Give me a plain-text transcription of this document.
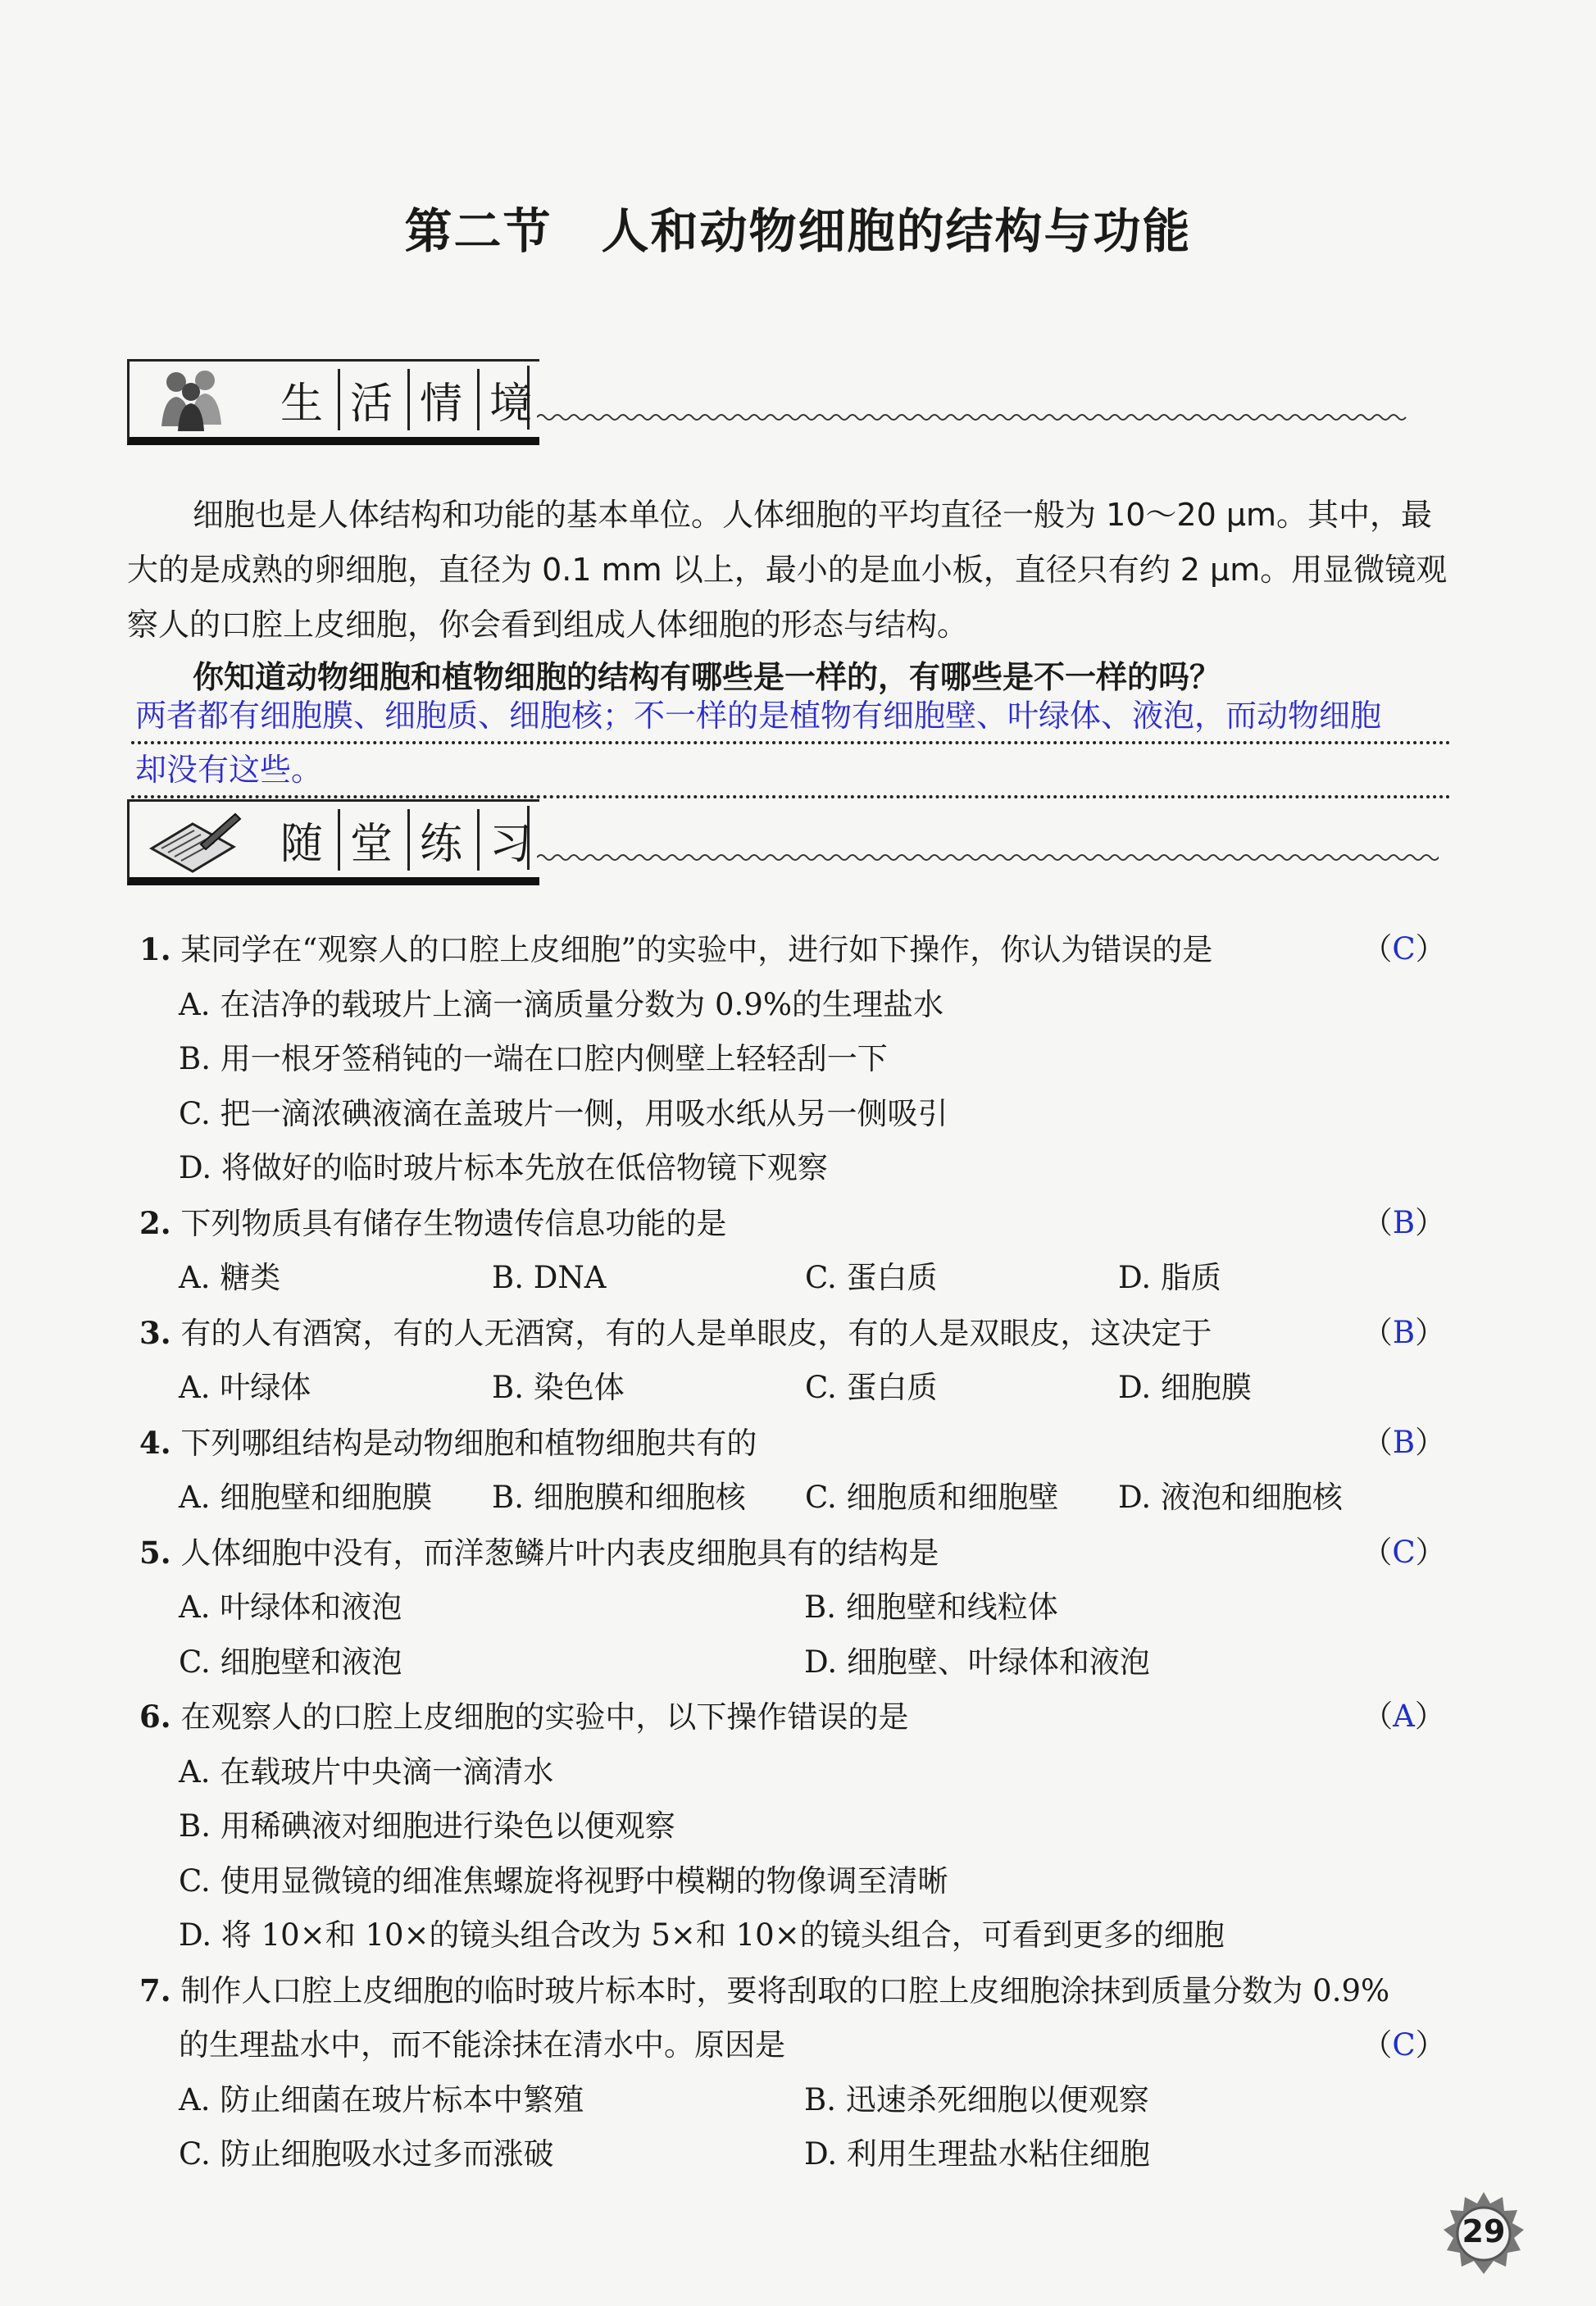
第二节　人和动物细胞的结构与功能
生 活 情 境
细胞也是人体结构和功能的基本单位。人体细胞的平均直径一般为 10～20 μm。其中，最大的是成熟的卵细胞，直径为 0.1 mm 以上，最小的是血小板，直径只有约 2 μm。用显微镜观察人的口腔上皮细胞，你会看到组成人体细胞的形态与结构。
你知道动物细胞和植物细胞的结构有哪些是一样的，有哪些是不一样的吗？
两者都有细胞膜、细胞质、细胞核；不一样的是植物有细胞壁、叶绿体、液泡，而动物细胞
却没有这些。
随 堂 练 习
1. 某同学在“观察人的口腔上皮细胞”的实验中，进行如下操作，你认为错误的是	（C）
A. 在洁净的载玻片上滴一滴质量分数为 0.9%的生理盐水
B. 用一根牙签稍钝的一端在口腔内侧壁上轻轻刮一下
C. 把一滴浓碘液滴在盖玻片一侧，用吸水纸从另一侧吸引
D. 将做好的临时玻片标本先放在低倍物镜下观察
2. 下列物质具有储存生物遗传信息功能的是	（B）
A. 糖类	B. DNA	C. 蛋白质	D. 脂质
3. 有的人有酒窝，有的人无酒窝，有的人是单眼皮，有的人是双眼皮，这决定于	（B）
A. 叶绿体	B. 染色体	C. 蛋白质	D. 细胞膜
4. 下列哪组结构是动物细胞和植物细胞共有的	（B）
A. 细胞壁和细胞膜	B. 细胞膜和细胞核	C. 细胞质和细胞壁	D. 液泡和细胞核
5. 人体细胞中没有，而洋葱鳞片叶内表皮细胞具有的结构是	（C）
A. 叶绿体和液泡	B. 细胞壁和线粒体
C. 细胞壁和液泡	D. 细胞壁、叶绿体和液泡
6. 在观察人的口腔上皮细胞的实验中，以下操作错误的是	（A）
A. 在载玻片中央滴一滴清水
B. 用稀碘液对细胞进行染色以便观察
C. 使用显微镜的细准焦螺旋将视野中模糊的物像调至清晰
D. 将 10×和 10×的镜头组合改为 5×和 10×的镜头组合，可看到更多的细胞
7. 制作人口腔上皮细胞的临时玻片标本时，要将刮取的口腔上皮细胞涂抹到质量分数为 0.9%
的生理盐水中，而不能涂抹在清水中。原因是	（C）
A. 防止细菌在玻片标本中繁殖	B. 迅速杀死细胞以便观察
C. 防止细胞吸水过多而涨破	D. 利用生理盐水粘住细胞
29
